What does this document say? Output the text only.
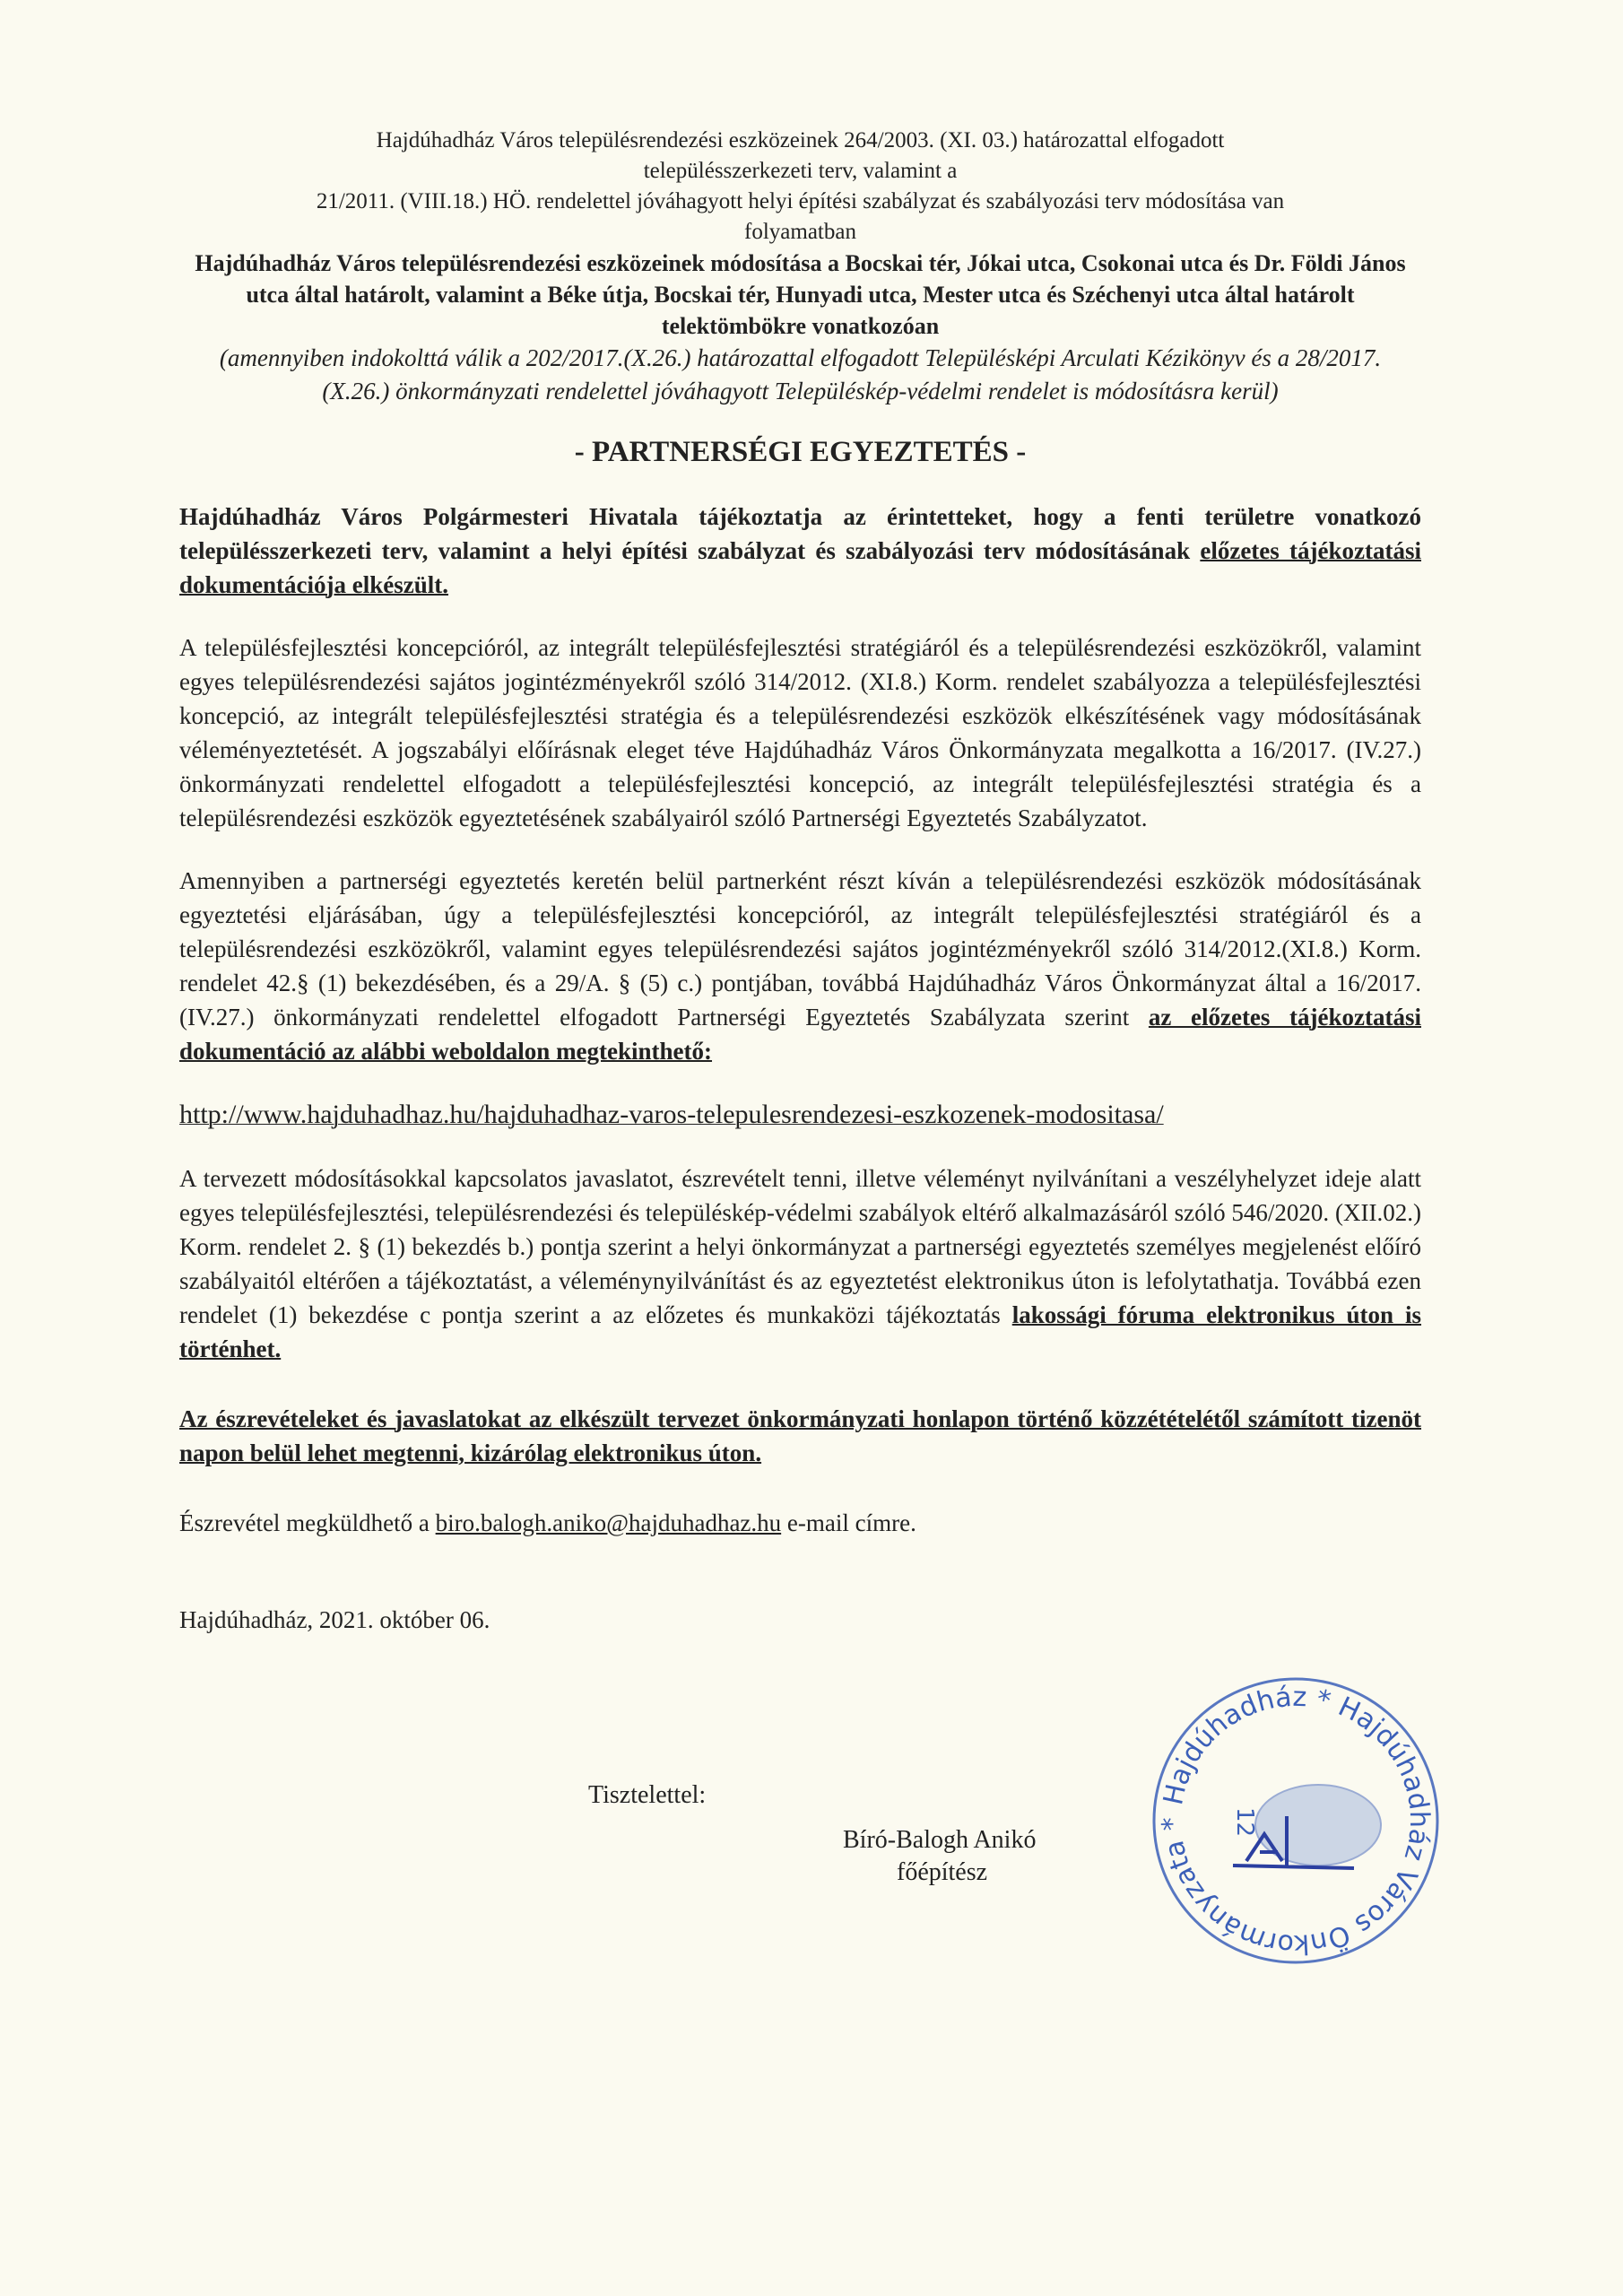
Hajdúhadház Város településrendezési eszközeinek 264/2003. (XI. 03.) határozattal elfogadott
településszerkezeti terv, valamint a
21/2011. (VIII.18.) HÖ. rendelettel jóváhagyott helyi építési szabályzat és szabályozási terv módosítása van
folyamatban
Hajdúhadház Város településrendezési eszközeinek módosítása a Bocskai tér, Jókai utca, Csokonai utca és Dr. Földi János utca által határolt, valamint a Béke útja, Bocskai tér, Hunyadi utca, Mester utca és Széchenyi utca által határolt telektömbökre vonatkozóan
(amennyiben indokolttá válik a 202/2017.(X.26.) határozattal elfogadott Településképi Arculati Kézikönyv és a 28/2017. (X.26.) önkormányzati rendelettel jóváhagyott Településkép-védelmi rendelet is módosításra kerül)
- PARTNERSÉGI EGYEZTETÉS -

Hajdúhadház Város Polgármesteri Hivatala tájékoztatja az érintetteket, hogy a fenti területre vonatkozó településszerkezeti terv, valamint a helyi építési szabályzat és szabályozási terv módosításának előzetes tájékoztatási dokumentációja elkészült.

A településfejlesztési koncepcióról, az integrált településfejlesztési stratégiáról és a településrendezési eszközökről, valamint egyes településrendezési sajátos jogintézményekről szóló 314/2012. (XI.8.) Korm. rendelet szabályozza a településfejlesztési koncepció, az integrált településfejlesztési stratégia és a településrendezési eszközök elkészítésének vagy módosításának véleményeztetését. A jogszabályi előírásnak eleget téve Hajdúhadház Város Önkormányzata megalkotta a 16/2017. (IV.27.) önkormányzati rendelettel elfogadott a településfejlesztési koncepció, az integrált településfejlesztési stratégia és a településrendezési eszközök egyeztetésének szabályairól szóló Partnerségi Egyeztetés Szabályzatot.

Amennyiben a partnerségi egyeztetés keretén belül partnerként részt kíván a településrendezési eszközök módosításának egyeztetési eljárásában, úgy a településfejlesztési koncepcióról, az integrált településfejlesztési stratégiáról és a településrendezési eszközökről, valamint egyes településrendezési sajátos jogintézményekről szóló 314/2012.(XI.8.) Korm. rendelet 42.§ (1) bekezdésében, és a 29/A. § (5) c.) pontjában, továbbá Hajdúhadház Város Önkormányzat által a 16/2017. (IV.27.) önkormányzati rendelettel elfogadott Partnerségi Egyeztetés Szabályzata szerint az előzetes tájékoztatási dokumentáció az alábbi weboldalon megtekinthető:

http://www.hajduhadhaz.hu/hajduhadhaz-varos-telepulesrendezesi-eszkozenek-modositasa/

A tervezett módosításokkal kapcsolatos javaslatot, észrevételt tenni, illetve véleményt nyilvánítani a veszélyhelyzet ideje alatt egyes településfejlesztési, településrendezési és településkép-védelmi szabályok eltérő alkalmazásáról szóló 546/2020. (XII.02.) Korm. rendelet 2. § (1) bekezdés b.) pontja szerint a helyi önkormányzat a partnerségi egyeztetés személyes megjelenést előíró szabályaitól eltérően a tájékoztatást, a véleménynyilvánítást és az egyeztetést elektronikus úton is lefolytathatja. Továbbá ezen rendelet (1) bekezdése c pontja szerint a az előzetes és munkaközi tájékoztatás lakossági fóruma elektronikus úton is történhet.

Az észrevételeket és javaslatokat az elkészült tervezet önkormányzati honlapon történő közzétételétől számított tizenöt napon belül lehet megtenni, kizárólag elektronikus úton.

Észrevétel megküldhető a biro.balogh.aniko@hajduhadhaz.hu e-mail címre.
Hajdúhadház, 2021. október 06.
Tisztelettel:
Bíró-Balogh Anikó
főépítész
Hajdúhadház * Hajdúhadház Város Önkormányzata *	12
